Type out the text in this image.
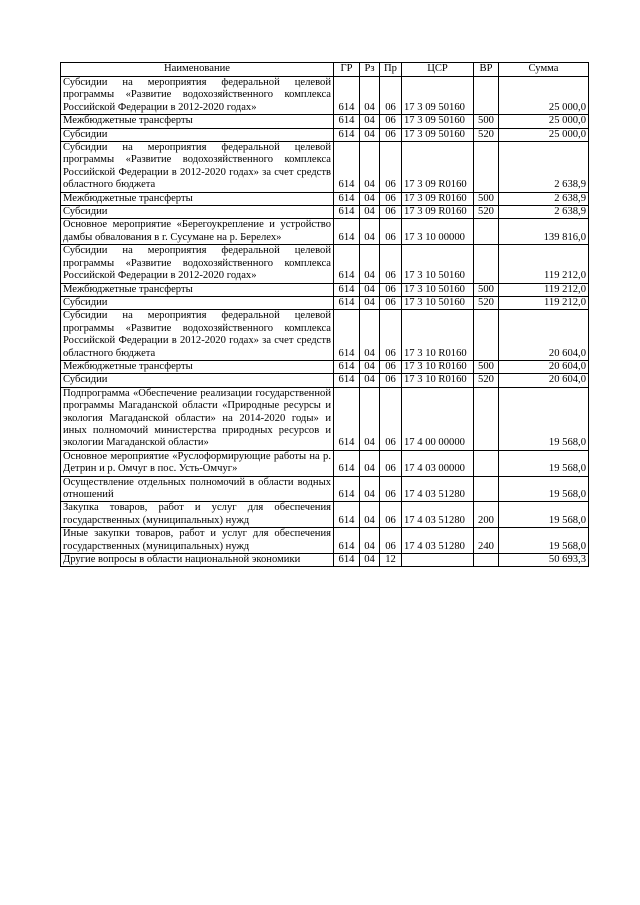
Наименование	ГР	Рз	Пр	ЦСР	ВР	Сумма
Субсидии на мероприятия федеральной целевой программы «Развитие водохозяйственного комплекса Российской Федерации в 2012-2020 годах»	614	04	06	17 3 09 50160		25 000,0
Межбюджетные трансферты	614	04	06	17 3 09 50160	500	25 000,0
Субсидии	614	04	06	17 3 09 50160	520	25 000,0
Субсидии на мероприятия федеральной целевой программы «Развитие водохозяйственного комплекса Российской Федерации в 2012-2020 годах» за счет средств областного бюджета	614	04	06	17 3 09 R0160		2 638,9
Межбюджетные трансферты	614	04	06	17 3 09 R0160	500	2 638,9
Субсидии	614	04	06	17 3 09 R0160	520	2 638,9
Основное мероприятие «Берегоукрепление и устройство дамбы обвалования в г. Сусумане на р. Берелех»	614	04	06	17 3 10 00000		139 816,0
Субсидии на мероприятия федеральной целевой программы «Развитие водохозяйственного комплекса Российской Федерации в 2012-2020 годах»	614	04	06	17 3 10 50160		119 212,0
Межбюджетные трансферты	614	04	06	17 3 10 50160	500	119 212,0
Субсидии	614	04	06	17 3 10 50160	520	119 212,0
Субсидии на мероприятия федеральной целевой программы «Развитие водохозяйственного комплекса Российской Федерации в 2012-2020 годах» за счет средств областного бюджета	614	04	06	17 3 10 R0160		20 604,0
Межбюджетные трансферты	614	04	06	17 3 10 R0160	500	20 604,0
Субсидии	614	04	06	17 3 10 R0160	520	20 604,0
Подпрограмма «Обеспечение реализации государственной программы Магаданской области «Природные ресурсы и экология Магаданской области» на 2014-2020 годы» и иных полномочий министерства природных ресурсов и экологии Магаданской области»	614	04	06	17 4 00 00000		19 568,0
Основное мероприятие «Руслоформирующие работы на р. Детрин и р. Омчуг в пос. Усть-Омчуг»	614	04	06	17 4 03 00000		19 568,0
Осуществление отдельных полномочий в области водных отношений	614	04	06	17 4 03 51280		19 568,0
Закупка товаров, работ и услуг для обеспечения государственных (муниципальных) нужд	614	04	06	17 4 03 51280	200	19 568,0
Иные закупки товаров, работ и услуг для обеспечения государственных (муниципальных) нужд	614	04	06	17 4 03 51280	240	19 568,0
Другие вопросы в области национальной экономики	614	04	12			50 693,3
